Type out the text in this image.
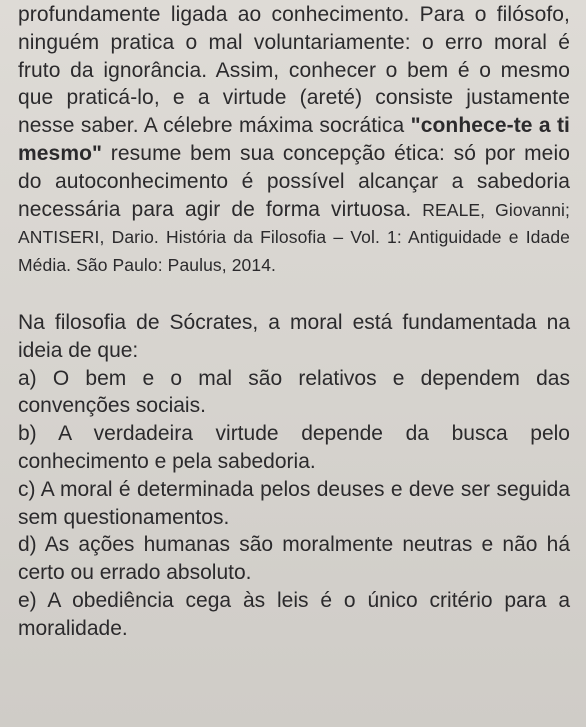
profundamente ligada ao conhecimento. Para o filósofo, ninguém pratica o mal voluntariamente: o erro moral é fruto da ignorância. Assim, conhecer o bem é o mesmo que praticá-lo, e a virtude (areté) consiste justamente nesse saber. A célebre máxima socrática "conhece-te a ti mesmo" resume bem sua concepção ética: só por meio do autoconhecimento é possível alcançar a sabedoria necessária para agir de forma virtuosa. REALE, Giovanni; ANTISERI, Dario. História da Filosofia – Vol. 1: Antiguidade e Idade Média. São Paulo: Paulus, 2014.

Na filosofia de Sócrates, a moral está fundamentada na ideia de que:

a) O bem e o mal são relativos e dependem das convenções sociais.
b) A verdadeira virtude depende da busca pelo conhecimento e pela sabedoria.
c) A moral é determinada pelos deuses e deve ser seguida sem questionamentos.
d) As ações humanas são moralmente neutras e não há certo ou errado absoluto.
e) A obediência cega às leis é o único critério para a moralidade.
